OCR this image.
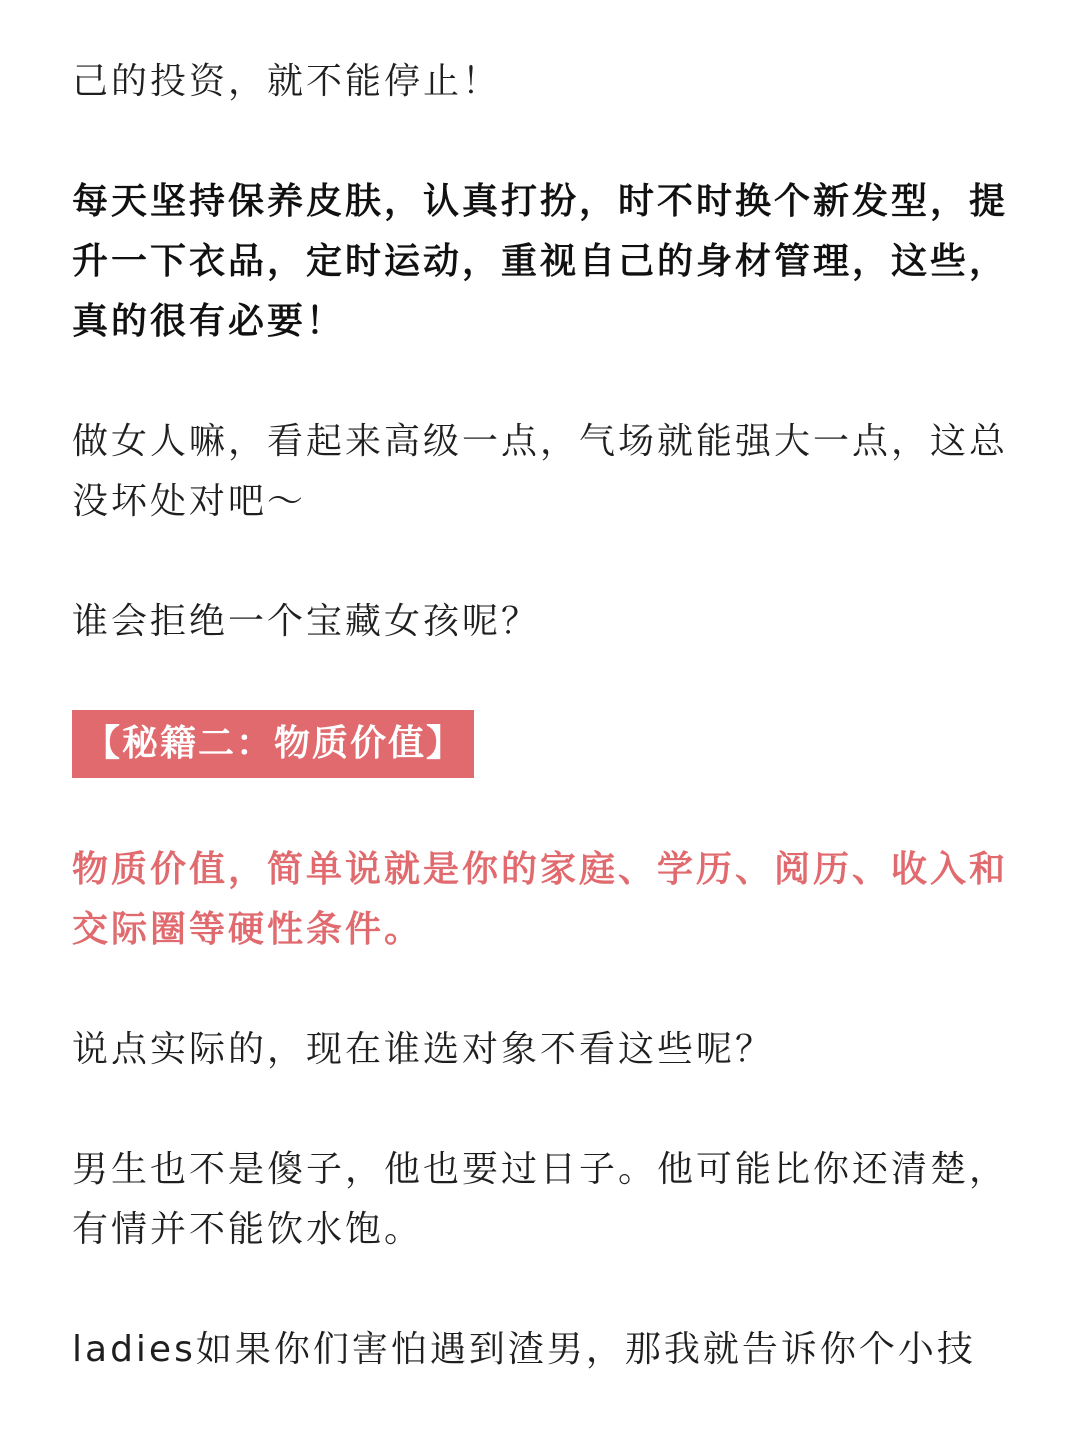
己的投资，就不能停止！

每天坚持保养皮肤，认真打扮，时不时换个新发型，提升一下衣品，定时运动，重视自己的身材管理，这些，真的很有必要！

做女人嘛，看起来高级一点，气场就能强大一点，这总没坏处对吧～

谁会拒绝一个宝藏女孩呢？

【秘籍二：物质价值】

物质价值，简单说就是你的家庭、学历、阅历、收入和交际圈等硬性条件。

说点实际的，现在谁选对象不看这些呢？

男生也不是傻子，他也要过日子。他可能比你还清楚，有情并不能饮水饱。

ladies如果你们害怕遇到渣男，那我就告诉你个小技
